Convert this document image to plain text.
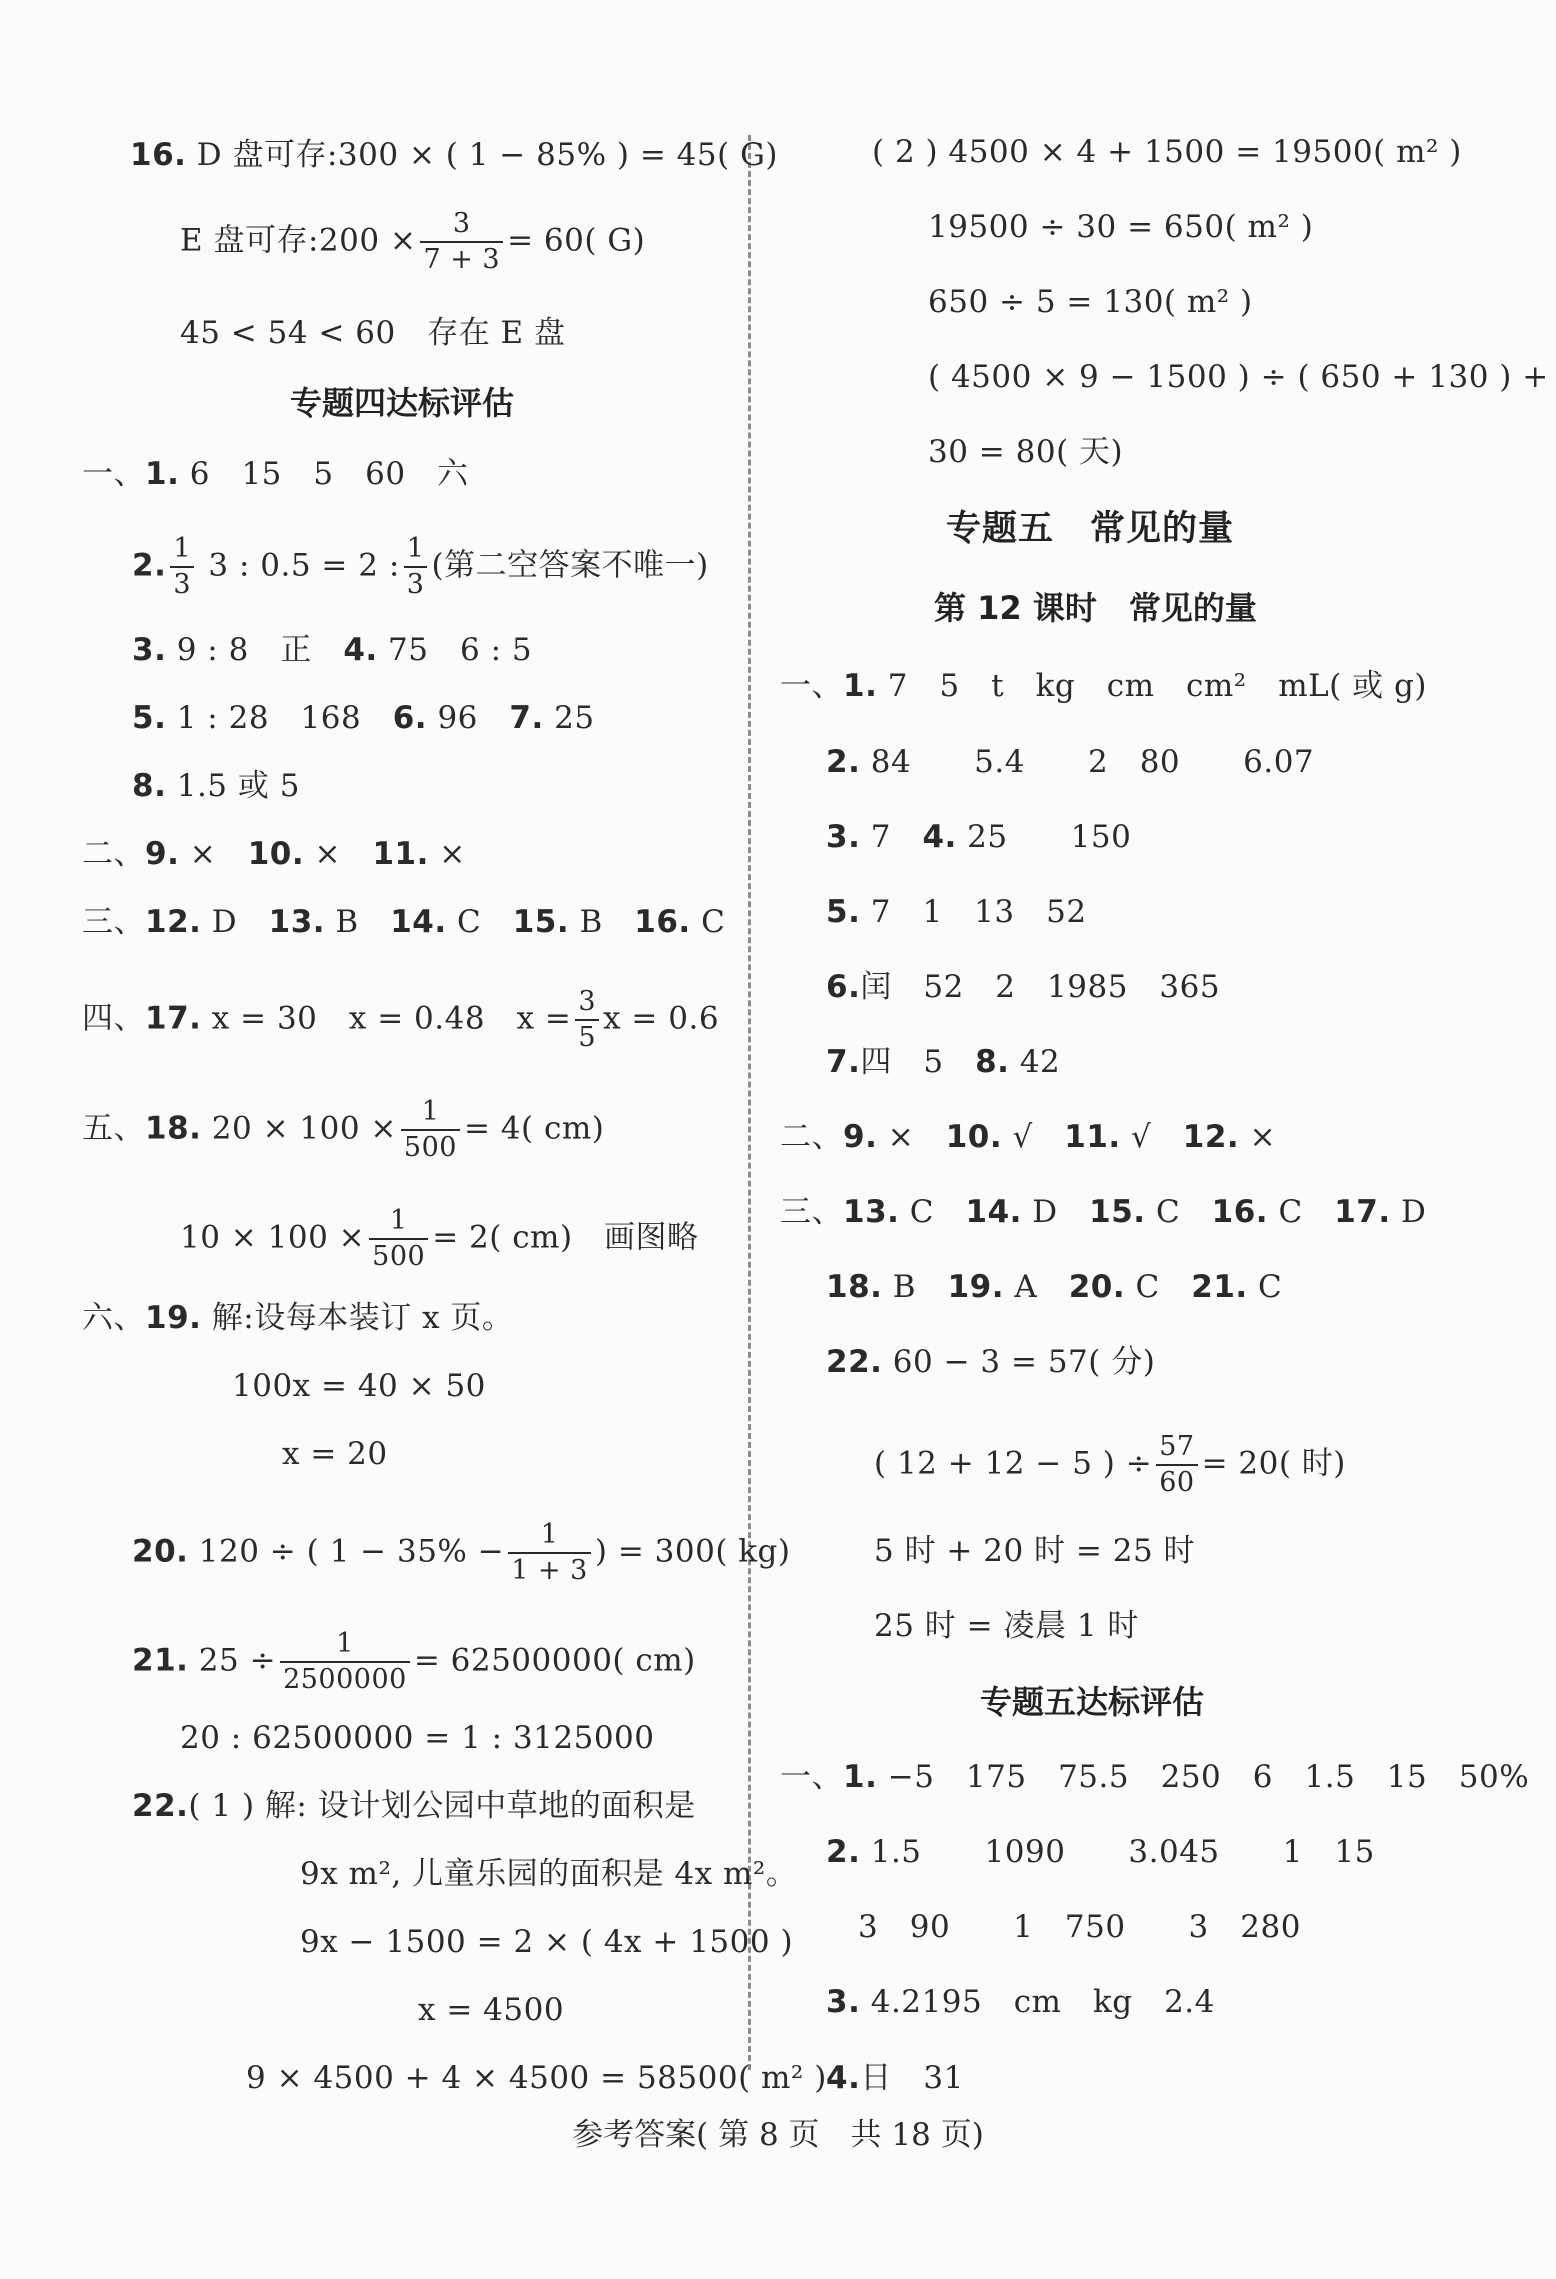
16. D 盘可存:300 × ( 1 − 85% ) = 45( G)
E 盘可存:200 × $\frac{3}{7 + 3} = 60$( G)
45 < 54 < 60　存在 E 盘
专题四达标评估
一、1. 6　15　5　60　六
2. $\frac{1}{3} 3$ : 0.5 = 2 : $\frac{1}{3}$ (第二空答案不唯一)
3. 9 : 8　正　4. 75　6 : 5
5. 1 : 28　168　6. 96　7. 25
8. 1.5 或 5
二、9. ×　10. ×　11. ×
三、12. D　13. B　14. C　15. B　16. C
四、17. x = 30　x = 0.48　$x = \frac{3}{5}$ x = 0.6
五、18. $20 \times 100 \times \frac{1}{500} = 4$( cm)
$10 \times 100 \times \frac{1}{500} = 2$( cm)　画图略
六、19. 解:设每本装订 x 页。
100x = 40 × 50
x = 20
20. 120 ÷ ( $1 - 35\% - \frac{1}{1 + 3}$ ) = 300( kg)
21. $25 \div \frac{1}{2500000} = 62500000$( cm)
20 : 62500000 = 1 : 3125000
22.( 1 ) 解: 设计划公园中草地的面积是
9x m², 儿童乐园的面积是 4x m²。
9x − 1500 = 2 × ( 4x + 1500 )
x = 4500
9 × 4500 + 4 × 4500 = 58500( m² )
( 2 ) 4500 × 4 + 1500 = 19500( m² )
19500 ÷ 30 = 650( m² )
650 ÷ 5 = 130( m² )
( 4500 × 9 − 1500 ) ÷ ( 650 + 130 ) +
30 = 80( 天)
专题五　常见的量
第 12 课时　常见的量
一、1. 7　5　t　kg　cm　cm²　mL( 或 g)
2. 84　　5.4　　2　80　　6.07
3. 7　4. 25　　150
5. 7　1　13　52
6.闰　52　2　1985　365
7.四　5　8. 42
二、9. ×　10. √　11. √　12. ×
三、13. C　14. D　15. C　16. C　17. D
18. B　19. A　20. C　21. C
22. 60 − 3 = 57( 分)
( 12 + 12 − 5 ) ÷ $\frac{57}{60} = 20$( 时)
5 时 + 20 时 = 25 时
25 时 = 凌晨 1 时
专题五达标评估
一、1. −5　175　75.5　250　6　1.5　15　50%
2. 1.5　　1090　　3.045　　1　15
3　90　　1　750　　3　280
3. 4.2195　cm　kg　2.4
4.日　31
参考答案( 第 8 页　共 18 页)
